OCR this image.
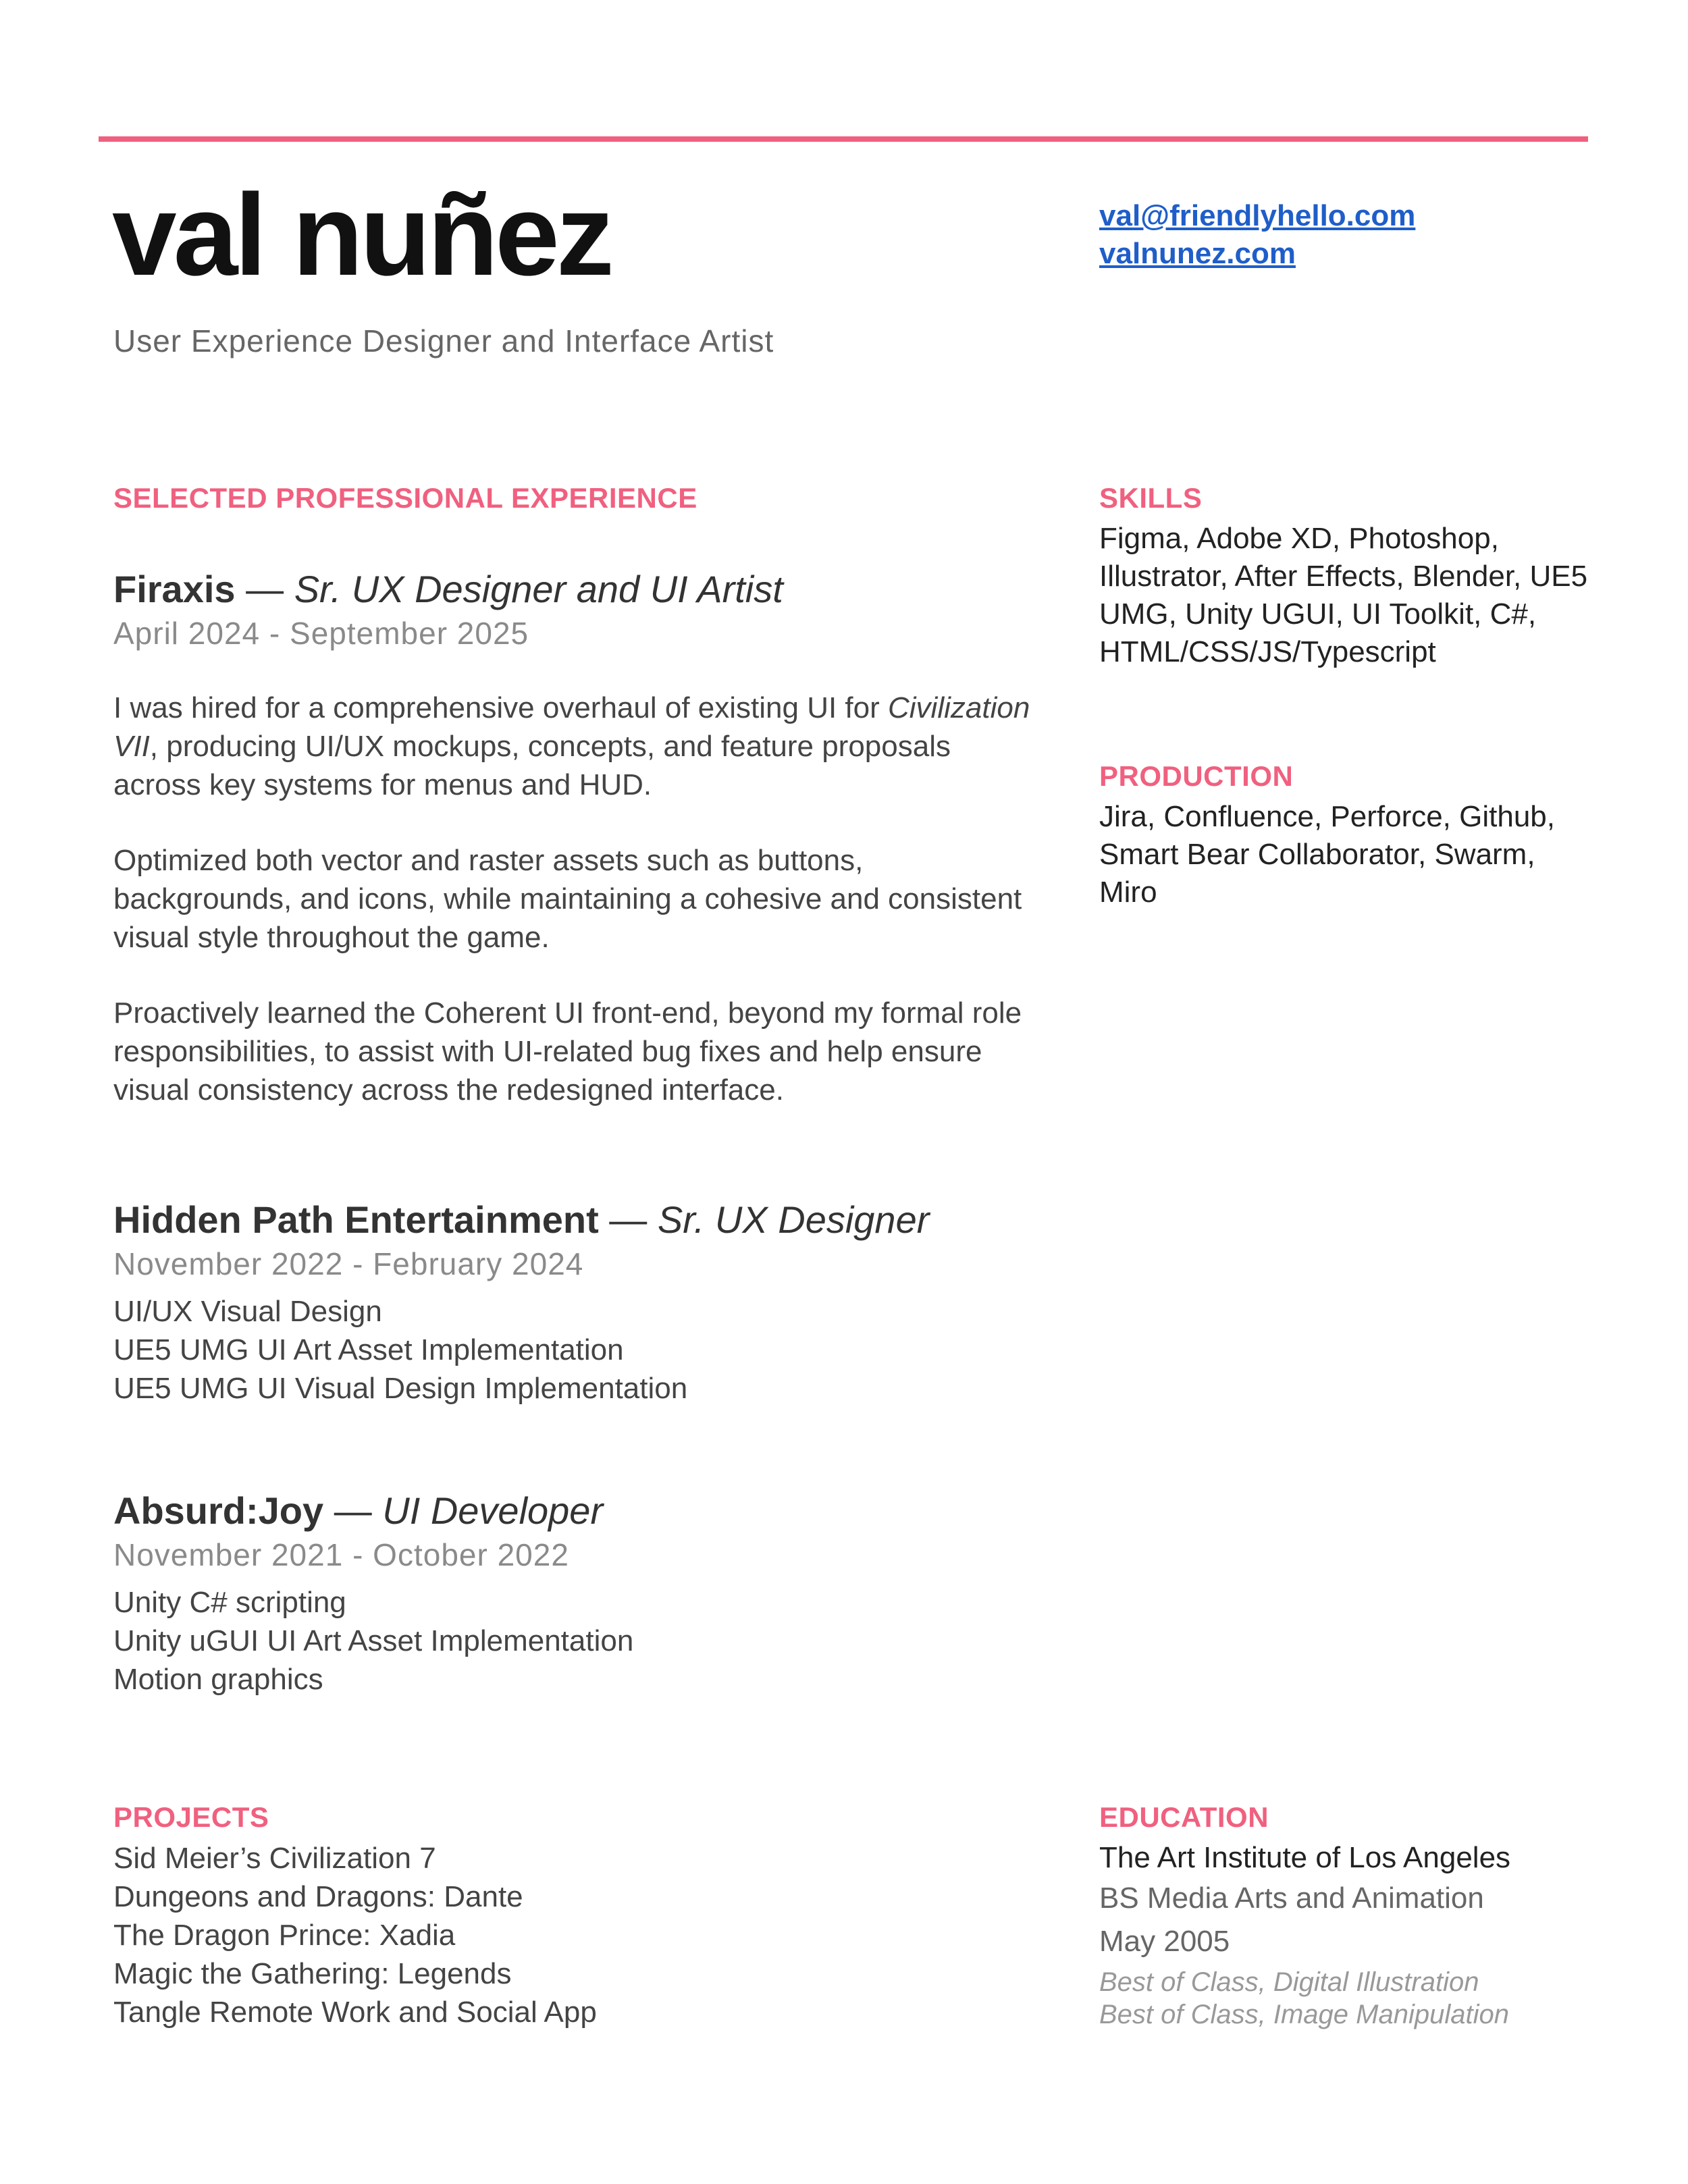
val nuñez
User Experience Designer and Interface Artist
val@friendlyhello.com
valnunez.com
SELECTED PROFESSIONAL EXPERIENCE
Firaxis — Sr. UX Designer and UI Artist
April 2024 - September 2025

I was hired for a comprehensive overhaul of existing UI for Civilization VII, producing UI/UX mockups, concepts, and feature proposals across key systems for menus and HUD.

Optimized both vector and raster assets such as buttons, backgrounds, and icons, while maintaining a cohesive and consistent visual style throughout the game.

Proactively learned the Coherent UI front-end, beyond my formal role responsibilities, to assist with UI-related bug fixes and help ensure visual consistency across the redesigned interface.

Hidden Path Entertainment — Sr. UX Designer
November 2022 - February 2024
UI/UX Visual Design
UE5 UMG UI Art Asset Implementation
UE5 UMG UI Visual Design Implementation
Absurd:Joy — UI Developer
November 2021 - October 2022
Unity C# scripting
Unity uGUI UI Art Asset Implementation
Motion graphics
PROJECTS
Sid Meier’s Civilization 7
Dungeons and Dragons: Dante
The Dragon Prince: Xadia
Magic the Gathering: Legends
Tangle Remote Work and Social App
SKILLS

Figma, Adobe XD, Photoshop, Illustrator, After Effects, Blender, UE5 UMG, Unity UGUI, UI Toolkit, C#, HTML/CSS/JS/Typescript

PRODUCTION

Jira, Confluence, Perforce, Github, Smart Bear Collaborator, Swarm, Miro

EDUCATION
The Art Institute of Los Angeles
BS Media Arts and Animation
May 2005
Best of Class, Digital Illustration
Best of Class, Image Manipulation
